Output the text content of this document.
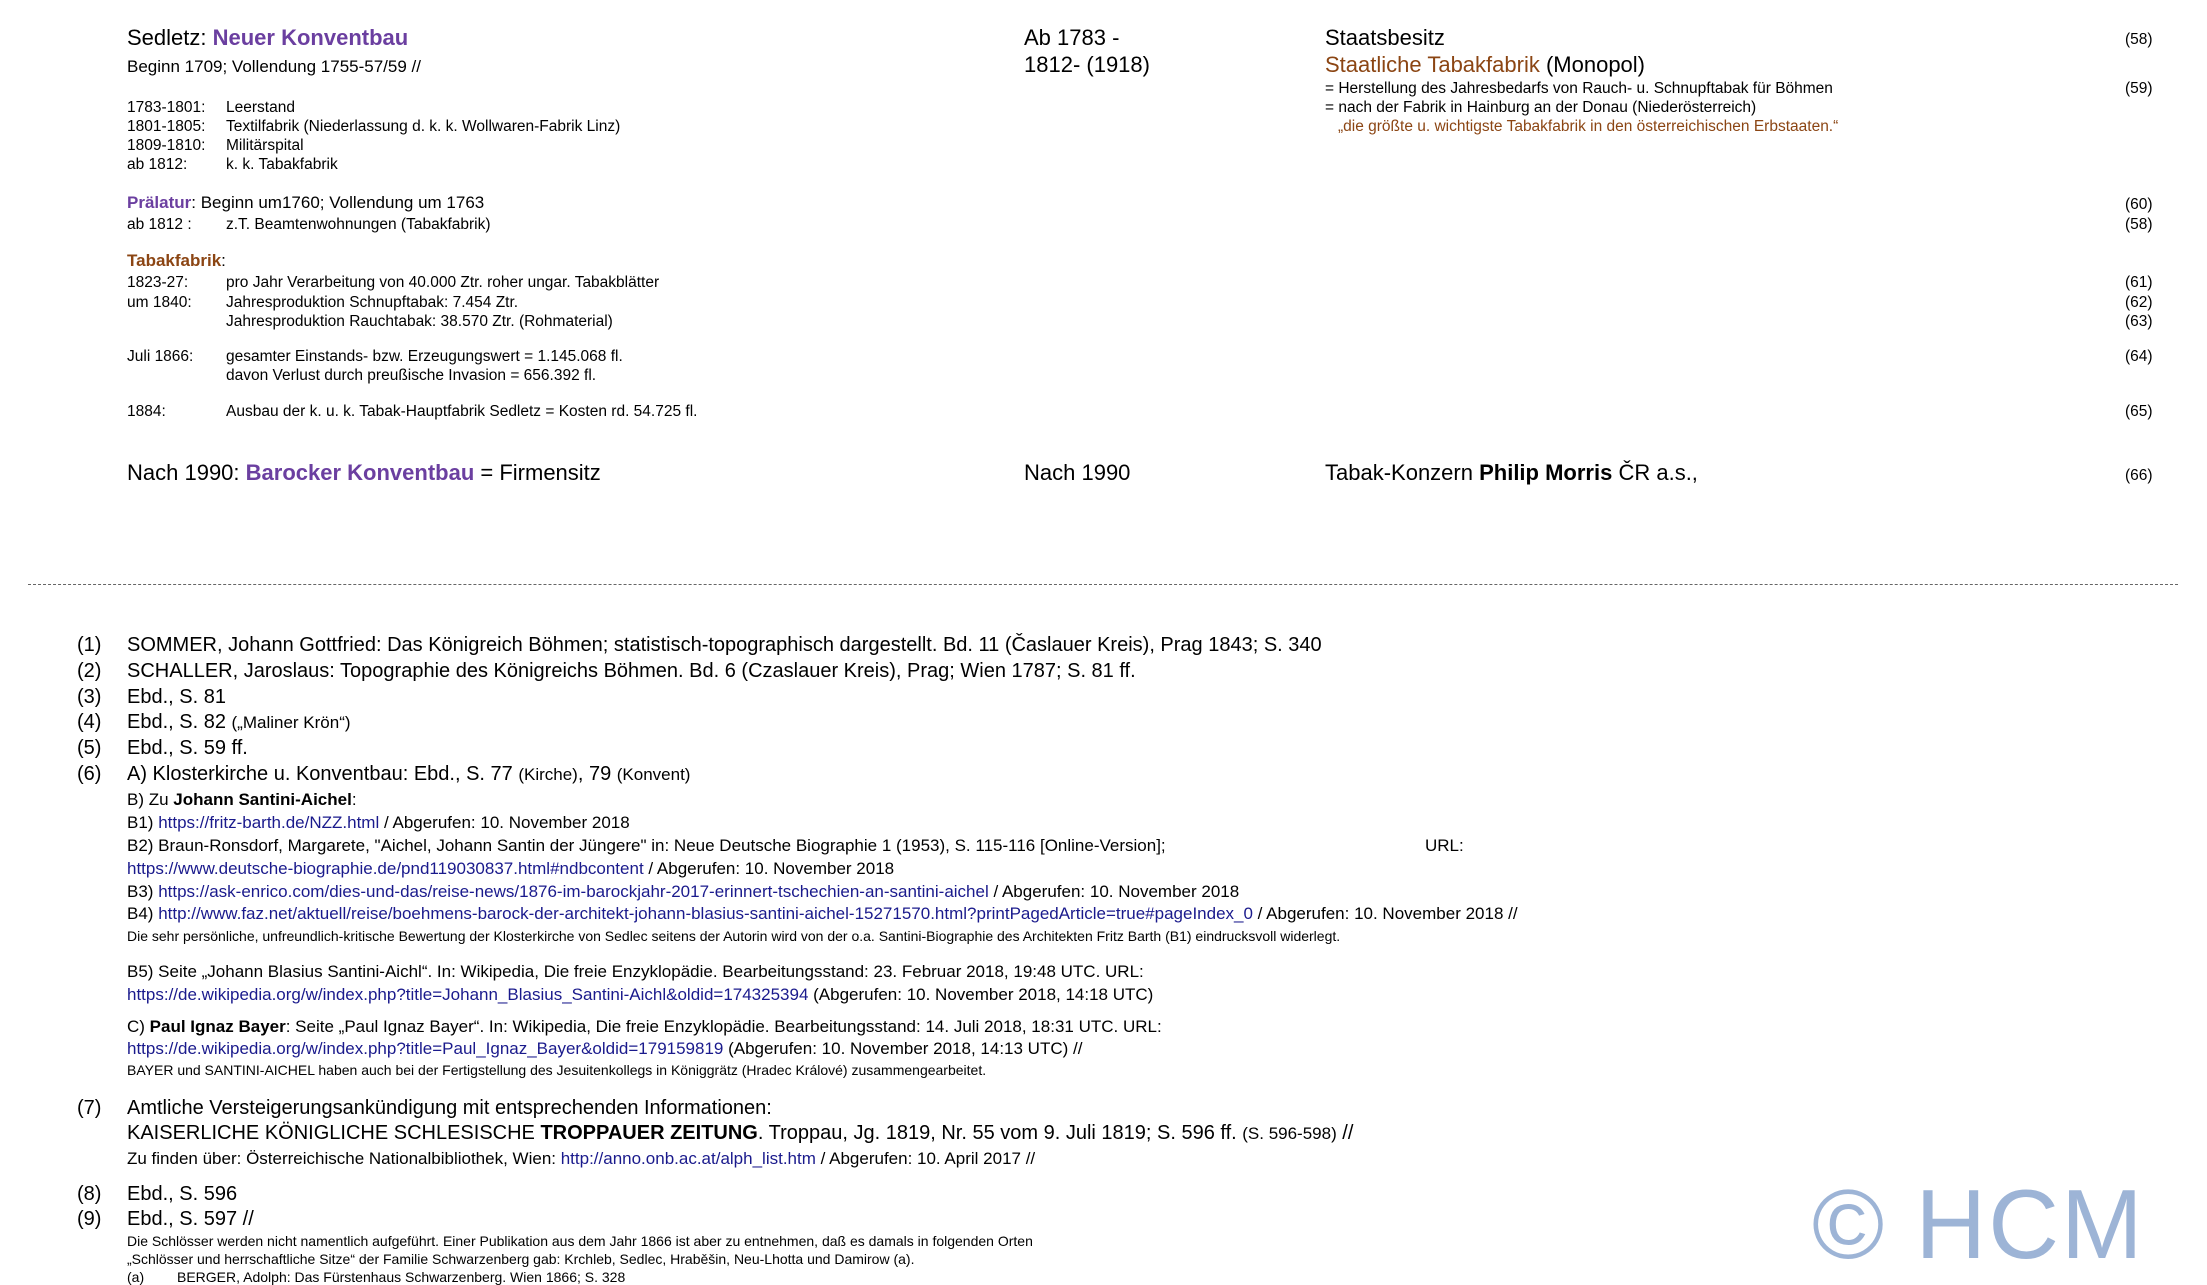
Sedletz: Neuer Konventbau	Ab 1783 -	Staatsbesitz	(58)
Beginn 1709; Vollendung 1755-57/59 //	1812- (1918)	Staatliche Tabakfabrik (Monopol)
= Herstellung des Jahresbedarfs von Rauch- u. Schnupftabak für Böhmen	(59)
= nach der Fabrik in Hainburg an der Donau (Niederösterreich)
„die größte u. wichtigste Tabakfabrik in den österreichischen Erbstaaten.“
1783-1801: Leerstand
1801-1805: Textilfabrik (Niederlassung d. k. k. Wollwaren-Fabrik Linz)
1809-1810: Militärspital
ab 1812: k. k. Tabakfabrik
Prälatur: Beginn um1760; Vollendung um 1763	(60)
ab 1812 : z.T. Beamtenwohnungen (Tabakfabrik)	(58)
Tabakfabrik:
1823-27: pro Jahr Verarbeitung von 40.000 Ztr. roher ungar. Tabakblätter	(61)
um 1840: Jahresproduktion Schnupftabak: 7.454 Ztr.	(62)
Jahresproduktion Rauchtabak: 38.570 Ztr. (Rohmaterial)	(63)
Juli 1866: gesamter Einstands- bzw. Erzeugungswert = 1.145.068 fl.	(64)
davon Verlust durch preußische Invasion = 656.392 fl.
1884:	Ausbau der k. u. k. Tabak-Hauptfabrik Sedletz = Kosten rd. 54.725 fl.	(65)
Nach 1990: Barocker Konventbau = Firmensitz	Nach 1990	Tabak-Konzern Philip Morris ČR a.s.,	(66)
(1) SOMMER, Johann Gottfried: Das Königreich Böhmen; statistisch-topographisch dargestellt. Bd. 11 (Časlauer Kreis), Prag 1843; S. 340
(2) SCHALLER, Jaroslaus: Topographie des Königreichs Böhmen. Bd. 6 (Czaslauer Kreis), Prag; Wien 1787; S. 81 ff.
(3) Ebd., S. 81
(4) Ebd., S. 82 („Maliner Krön“)
(5) Ebd., S. 59 ff.
(6) A) Klosterkirche u. Konventbau: Ebd., S. 77 (Kirche), 79 (Konvent)
B) Zu Johann Santini-Aichel:
B1) https://fritz-barth.de/NZZ.html / Abgerufen: 10. November 2018
B2) Braun-Ronsdorf, Margarete, "Aichel, Johann Santin der Jüngere" in: Neue Deutsche Biographie 1 (1953), S. 115-116 [Online-Version];	URL:
https://www.deutsche-biographie.de/pnd119030837.html#ndbcontent / Abgerufen: 10. November 2018
B3) https://ask-enrico.com/dies-und-das/reise-news/1876-im-barockjahr-2017-erinnert-tschechien-an-santini-aichel / Abgerufen: 10. November 2018
B4) http://www.faz.net/aktuell/reise/boehmens-barock-der-architekt-johann-blasius-santini-aichel-15271570.html?printPagedArticle=true#pageIndex_0 / Abgerufen: 10. November 2018 //
Die sehr persönliche, unfreundlich-kritische Bewertung der Klosterkirche von Sedlec seitens der Autorin wird von der o.a. Santini-Biographie des Architekten Fritz Barth (B1) eindrucksvoll widerlegt.
B5) Seite „Johann Blasius Santini-Aichl“. In: Wikipedia, Die freie Enzyklopädie. Bearbeitungsstand: 23. Februar 2018, 19:48 UTC. URL:
https://de.wikipedia.org/w/index.php?title=Johann_Blasius_Santini-Aichl&oldid=174325394 (Abgerufen: 10. November 2018, 14:18 UTC)
C) Paul Ignaz Bayer: Seite „Paul Ignaz Bayer“. In: Wikipedia, Die freie Enzyklopädie. Bearbeitungsstand: 14. Juli 2018, 18:31 UTC. URL:
https://de.wikipedia.org/w/index.php?title=Paul_Ignaz_Bayer&oldid=179159819 (Abgerufen: 10. November 2018, 14:13 UTC) //
BAYER und SANTINI-AICHEL haben auch bei der Fertigstellung des Jesuitenkollegs in Königgrätz (Hradec Králové) zusammengearbeitet.
(7) Amtliche Versteigerungsankündigung mit entsprechenden Informationen:
KAISERLICHE KÖNIGLICHE SCHLESISCHE TROPPAUER ZEITUNG. Troppau, Jg. 1819, Nr. 55 vom 9. Juli 1819; S. 596 ff. (S. 596-598) //
Zu finden über: Österreichische Nationalbibliothek, Wien: http://anno.onb.ac.at/alph_list.htm / Abgerufen: 10. April 2017 //
(8) Ebd., S. 596
(9) Ebd., S. 597 //
Die Schlösser werden nicht namentlich aufgeführt. Einer Publikation aus dem Jahr 1866 ist aber zu entnehmen, daß es damals in folgenden Orten
„Schlösser und herrschaftliche Sitze“ der Familie Schwarzenberg gab: Krchleb, Sedlec, Hraběšin, Neu-Lhotta und Damirow (a).
(a) BERGER, Adolph: Das Fürstenhaus Schwarzenberg. Wien 1866; S. 328	© HCM
